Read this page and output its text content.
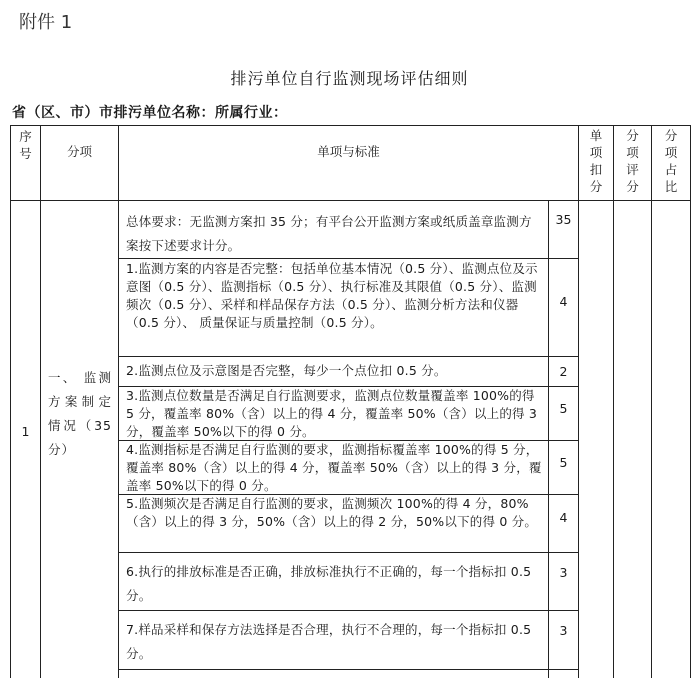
附件 1
排污单位自行监测现场评估细则
省（区、市）市排污单位名称：所属行业：
序
号	分项	单项与标准
单
项
扣
分
分
项
评
分
分
项
占
比
1
一、 监测方案制定情况（35分）
总体要求：无监测方案扣 35 分；有平台公开监测方案或纸质盖章监测方案按下述要求计分。
1.监测方案的内容是否完整：包括单位基本情况（0.5 分）、监测点位及示意图（0.5 分）、监测指标（0.5 分）、执行标准及其限值（0.5 分）、监测频次（0.5 分）、采样和样品保存方法（0.5 分）、监测分析方法和仪器（0.5 分）、 质量保证与质量控制（0.5 分）。
2.监测点位及示意图是否完整，每少一个点位扣 0.5 分。
3.监测点位数量是否满足自行监测要求，监测点位数量覆盖率 100%的得 5 分，覆盖率 80%（含）以上的得 4 分，覆盖率 50%（含）以上的得 3 分，覆盖率 50%以下的得 0 分。
4.监测指标是否满足自行监测的要求，监测指标覆盖率 100%的得 5 分，覆盖率 80%（含）以上的得 4 分，覆盖率 50%（含）以上的得 3 分，覆盖率 50%以下的得 0 分。
5.监测频次是否满足自行监测的要求，监测频次 100%的得 4 分，80%（含）以上的得 3 分，50%（含）以上的得 2 分，50%以下的得 0 分。
6.执行的排放标准是否正确，排放标准执行不正确的，每一个指标扣 0.5 分。
7.样品采样和保存方法选择是否合理，执行不合理的，每一个指标扣 0.5 分。
35
4
2
5
5
4
3
3
